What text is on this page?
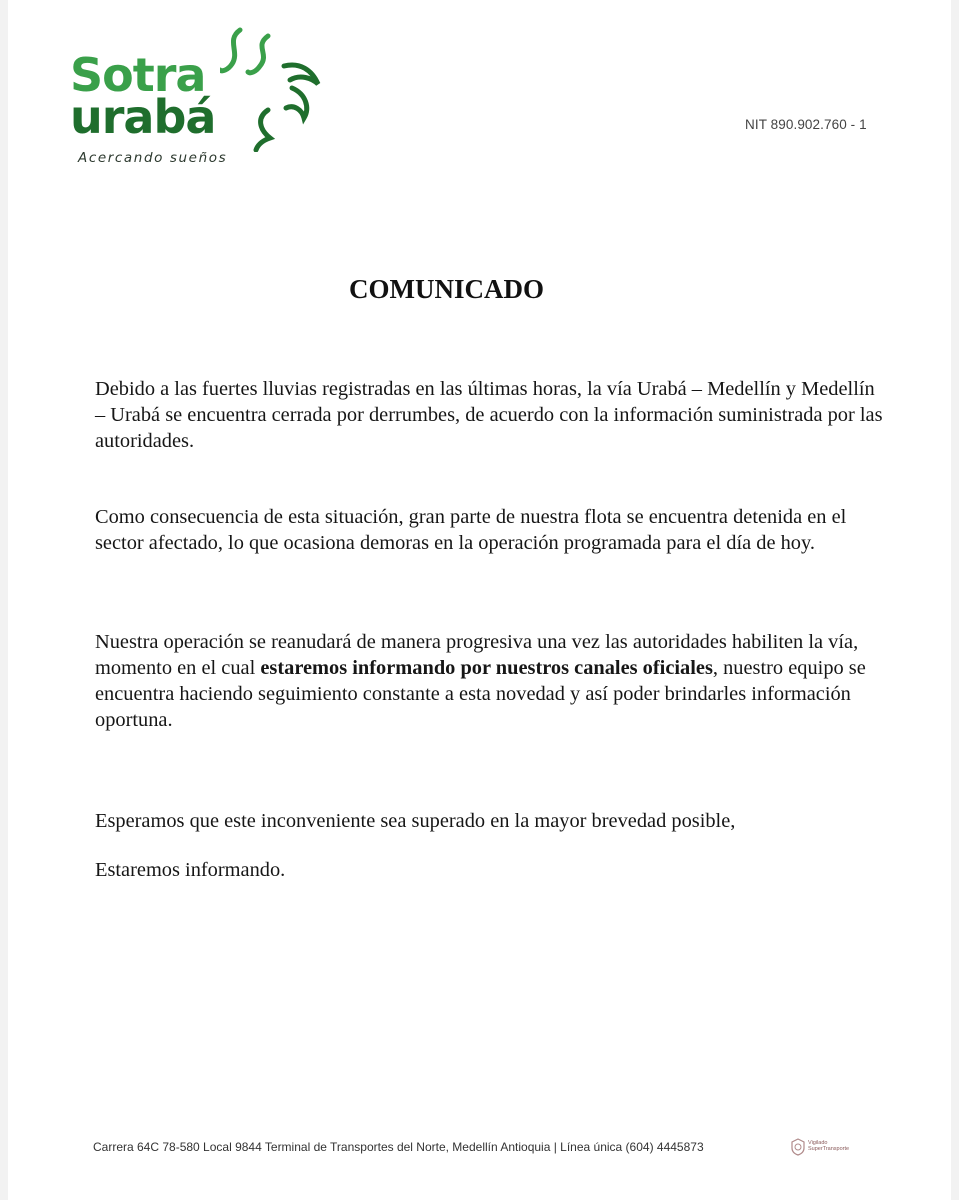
Sotra
urabá
Acercando sueños
NIT 890.902.760 - 1
COMUNICADO

Debido a las fuertes lluvias registradas en las últimas horas, la vía Urabá – Medellín y Medellín – Urabá se encuentra cerrada por derrumbes, de acuerdo con la información suministrada por las autoridades.

Como consecuencia de esta situación, gran parte de nuestra flota se encuentra detenida en el sector afectado, lo que ocasiona demoras en la operación programada para el día de hoy.

Nuestra operación se reanudará de manera progresiva una vez las autoridades habiliten la vía, momento en el cual estaremos informando por nuestros canales oficiales, nuestro equipo se encuentra haciendo seguimiento constante a esta novedad y así poder brindarles información oportuna.

Esperamos que este inconveniente sea superado en la mayor brevedad posible,

Estaremos informando.

Carrera 64C 78-580 Local 9844 Terminal de Transportes del Norte, Medellín Antioquia | Línea única (604) 4445873	Vigilado
SuperTransporte
